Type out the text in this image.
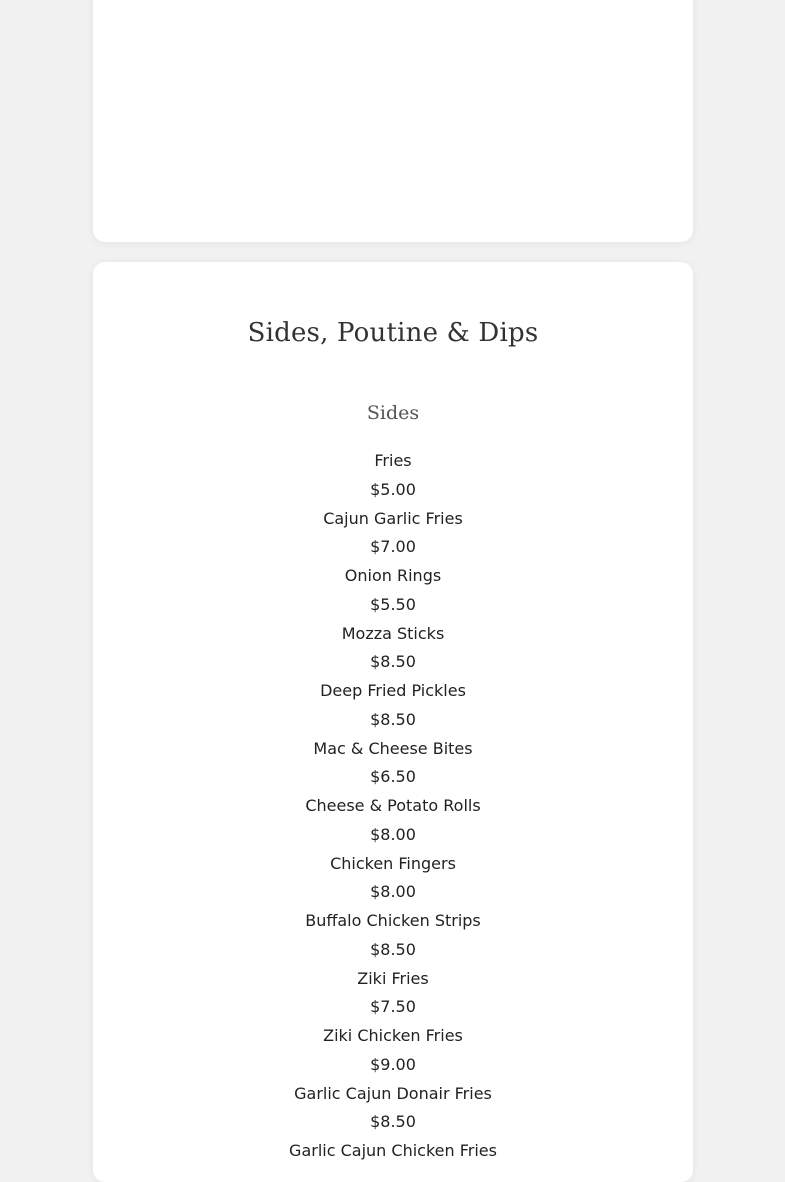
Sides, Poutine & Dips
Sides
Fries
$5.00
Cajun Garlic Fries
$7.00
Onion Rings
$5.50
Mozza Sticks
$8.50
Deep Fried Pickles
$8.50
Mac & Cheese Bites
$6.50
Cheese & Potato Rolls
$8.00
Chicken Fingers
$8.00
Buffalo Chicken Strips
$8.50
Ziki Fries
$7.50
Ziki Chicken Fries
$9.00
Garlic Cajun Donair Fries
$8.50
Garlic Cajun Chicken Fries
